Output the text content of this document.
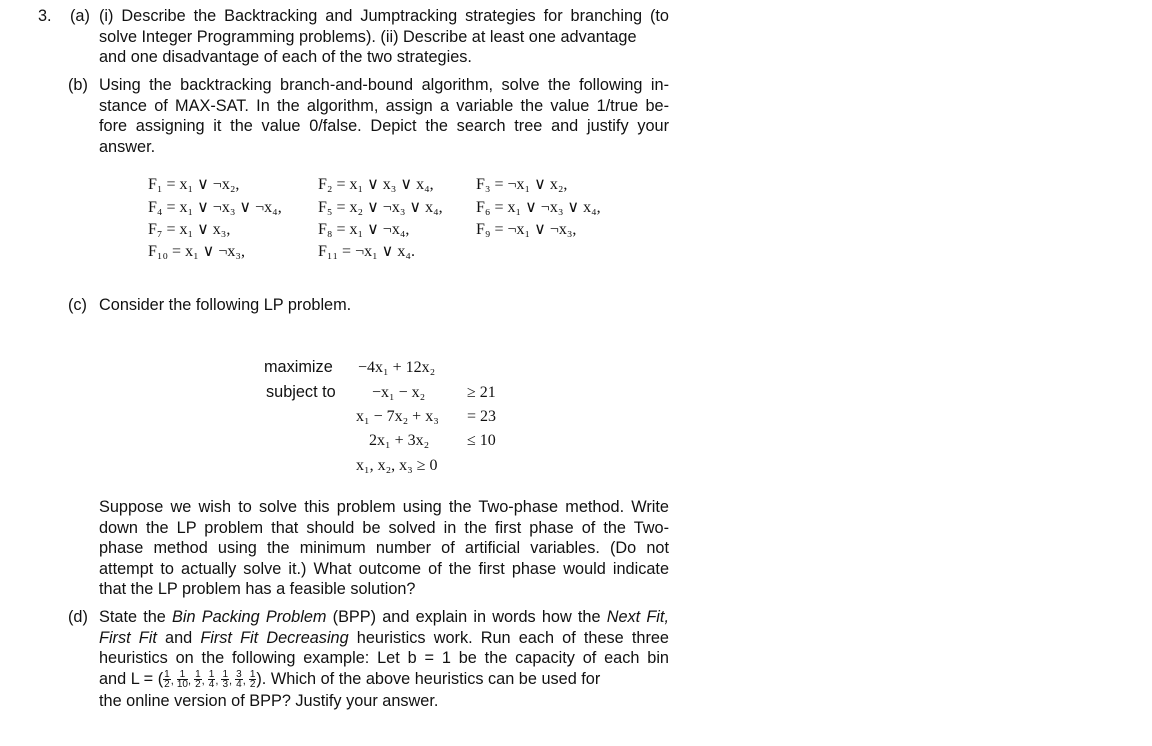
3. (a) (i) Describe the Backtracking and Jumptracking strategies for branching (to
solve Integer Programming problems). (ii) Describe at least one advantage
and one disadvantage of each of the two strategies.
(b) Using the backtracking branch-and-bound algorithm, solve the following in-
stance of MAX-SAT. In the algorithm, assign a variable the value 1/true be-
fore assigning it the value 0/false. Depict the search tree and justify your
answer.
F₁ = x₁ ∨ ¬x₂,	F₂ = x₁ ∨ x₃ ∨ x₄,	F₃ = ¬x₁ ∨ x₂,
F₄ = x₁ ∨ ¬x₃ ∨ ¬x₄, F₅ = x₂ ∨ ¬x₃ ∨ x₄, F₆ = x₁ ∨ ¬x₃ ∨ x₄,
F₇ = x₁ ∨ x₃,	F₈ = x₁ ∨ ¬x₄,	F₉ = ¬x₁ ∨ ¬x₃,
F₁₀ = x₁ ∨ ¬x₃,	F₁₁ = ¬x₁ ∨ x₄.
(c) Consider the following LP problem.
maximize −4x₁ + 12x₂
subject to −x₁ − x₂	≥ 21
x₁ − 7x₂ + x₃ = 23
2x₁ + 3x₂ ≤ 10
x₁, x₂, x₃ ≥ 0
Suppose we wish to solve this problem using the Two-phase method. Write
down the LP problem that should be solved in the first phase of the Two-
phase method using the minimum number of artificial variables. (Do not
attempt to actually solve it.) What outcome of the first phase would indicate
that the LP problem has a feasible solution?
(d) State the Bin Packing Problem (BPP) and explain in words how the Next Fit,
First Fit and First Fit Decreasing heuristics work. Run each of these three
heuristics on the following example: Let b = 1 be the capacity of each bin
and L = ( $\frac{1}{2}$ , $\frac{1}{10}$ , $\frac{1}{2}$ , $\frac{1}{4}$ , $\frac{1}{3}$ , $\frac{3}{4}$ , $\frac{1}{2}$ ). Which of the above heuristics can be used for
the online version of BPP? Justify your answer.
